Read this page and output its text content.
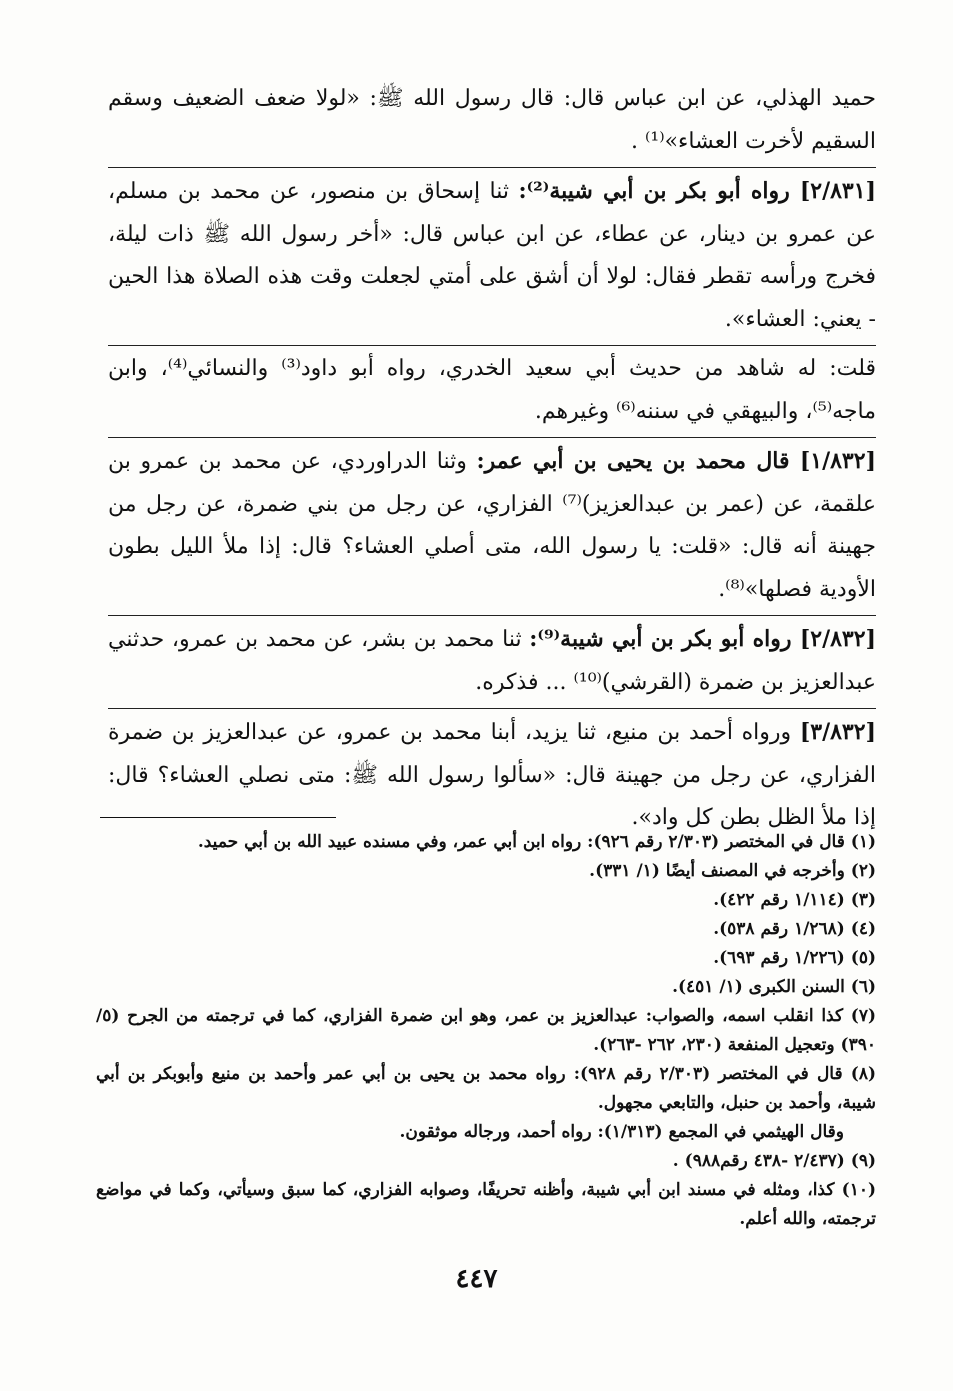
حميد الهذلي، عن ابن عباس قال: قال رسول الله ﷺ: «لولا ضعف الضعيف وسقم السقيم لأخرت العشاء»⁽¹⁾ .

[٢/٨٣١] رواه أبو بكر بن أبي شيبة⁽²⁾: ثنا إسحاق بن منصور، عن محمد بن مسلم، عن عمرو بن دينار، عن عطاء، عن ابن عباس قال: «أخر رسول الله ﷺ ذات ليلة، فخرج ورأسه تقطر فقال: لولا أن أشق على أمتي لجعلت وقت هذه الصلاة هذا الحين - يعني: العشاء».

قلت: له شاهد من حديث أبي سعيد الخدري، رواه أبو داود⁽³⁾ والنسائي⁽⁴⁾، وابن ماجه⁽⁵⁾، والبيهقي في سننه⁽⁶⁾ وغيرهم.

[١/٨٣٢] قال محمد بن يحيى بن أبي عمر: وثنا الدراوردي، عن محمد بن عمرو بن علقمة، عن (عمر بن عبدالعزيز)⁽⁷⁾ الفزاري، عن رجل من بني ضمرة، عن رجل من جهينة أنه قال: «قلت: يا رسول الله، متى أصلي العشاء؟ قال: إذا ملأ الليل بطون الأودية فصلها»⁽⁸⁾.

[٢/٨٣٢] رواه أبو بكر بن أبي شيبة⁽⁹⁾: ثنا محمد بن بشر، عن محمد بن عمرو، حدثني عبدالعزيز بن ضمرة (القرشي)⁽¹⁰⁾ ... فذكره.

[٣/٨٣٢] ورواه أحمد بن منيع، ثنا يزيد، أبنا محمد بن عمرو، عن عبدالعزيز بن ضمرة الفزاري، عن رجل من جهينة قال: «سألوا رسول الله ﷺ: متى نصلي العشاء؟ قال: إذا ملأ الظل بطن كل واد».

(١) قال في المختصر (٢/٣٠٣ رقم ٩٢٦): رواه ابن أبي عمر، وفي مسنده عبيد الله بن أبي حميد.

(٢) وأخرجه في المصنف أيضًا (١/ ٣٣١).

(٣) (١/١١٤ رقم ٤٢٢).

(٤) (١/٢٦٨ رقم ٥٣٨).

(٥) (١/٢٢٦ رقم ٦٩٣).

(٦) السنن الكبرى (١/ ٤٥١).

(٧) كذا انقلب اسمه، والصواب: عبدالعزيز بن عمر، وهو ابن ضمرة الفزاري، كما في ترجمته من الجرح (٥/ ٣٩٠) وتعجيل المنفعة (٢٣٠، ٢٦٢ -٢٦٣).

(٨) قال في المختصر (٢/٣٠٣ رقم ٩٢٨): رواه محمد بن يحيى بن أبي عمر وأحمد بن منيع وأبوبكر بن أبي شيبة، وأحمد بن حنبل، والتابعي مجهول.

وقال الهيثمي في المجمع (١/٣١٣): رواه أحمد، ورجاله موثقون.

(٩) (٢/٤٣٧ -٤٣٨ رقم٩٨٨) .

(١٠) كذا، ومثله في مسند ابن أبي شيبة، وأظنه تحريفًا، وصوابه الفزاري، كما سبق وسيأتي، وكما في مواضع ترجمته، والله أعلم.

٤٤٧
